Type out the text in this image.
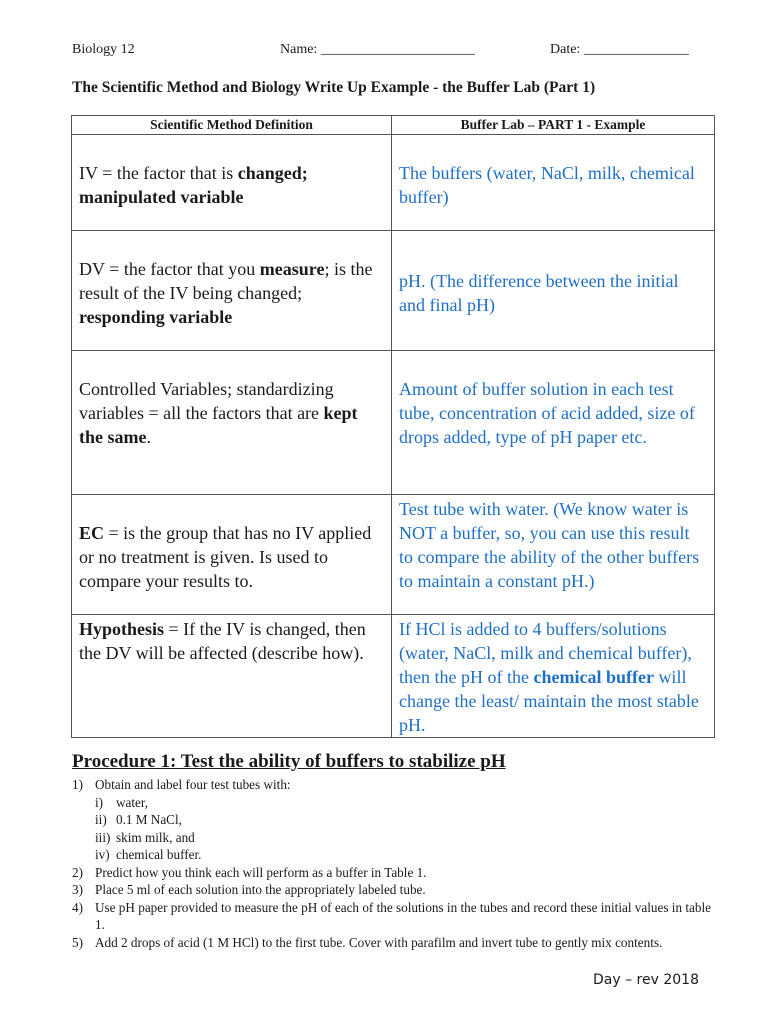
Biology 12	Name: ______________________	Date: _______________
The Scientific Method and Biology Write Up Example - the Buffer Lab (Part 1)
Scientific Method Definition	Buffer Lab – PART 1 - Example
IV = the factor that is changed; manipulated variable	The buffers (water, NaCl, milk, chemical buffer)
DV = the factor that you measure; is the result of the IV being changed; responding variable	pH. (The difference between the initial and final pH)
Controlled Variables; standardizing variables = all the factors that are kept the same.	Amount of buffer solution in each test tube, concentration of acid added, size of drops added, type of pH paper etc.
EC = is the group that has no IV applied or no treatment is given. Is used to compare your results to.	Test tube with water. (We know water is NOT a buffer, so, you can use this result to compare the ability of the other buffers to maintain a constant pH.)
Hypothesis = If the IV is changed, then the DV will be affected (describe how).	If HCl is added to 4 buffers/solutions (water, NaCl, milk and chemical buffer), then the pH of the chemical buffer will change the least/ maintain the most stable pH.
Procedure 1: Test the ability of buffers to stabilize pH
1) Obtain and label four test tubes with:
i) water,
ii) 0.1 M NaCl,
iii) skim milk, and
iv) chemical buffer.
2) Predict how you think each will perform as a buffer in Table 1.
3) Place 5 ml of each solution into the appropriately labeled tube.
4) Use pH paper provided to measure the pH of each of the solutions in the tubes and record these initial values in table 1.
5) Add 2 drops of acid (1 M HCl) to the first tube. Cover with parafilm and invert tube to gently mix contents.
Day – rev 2018
